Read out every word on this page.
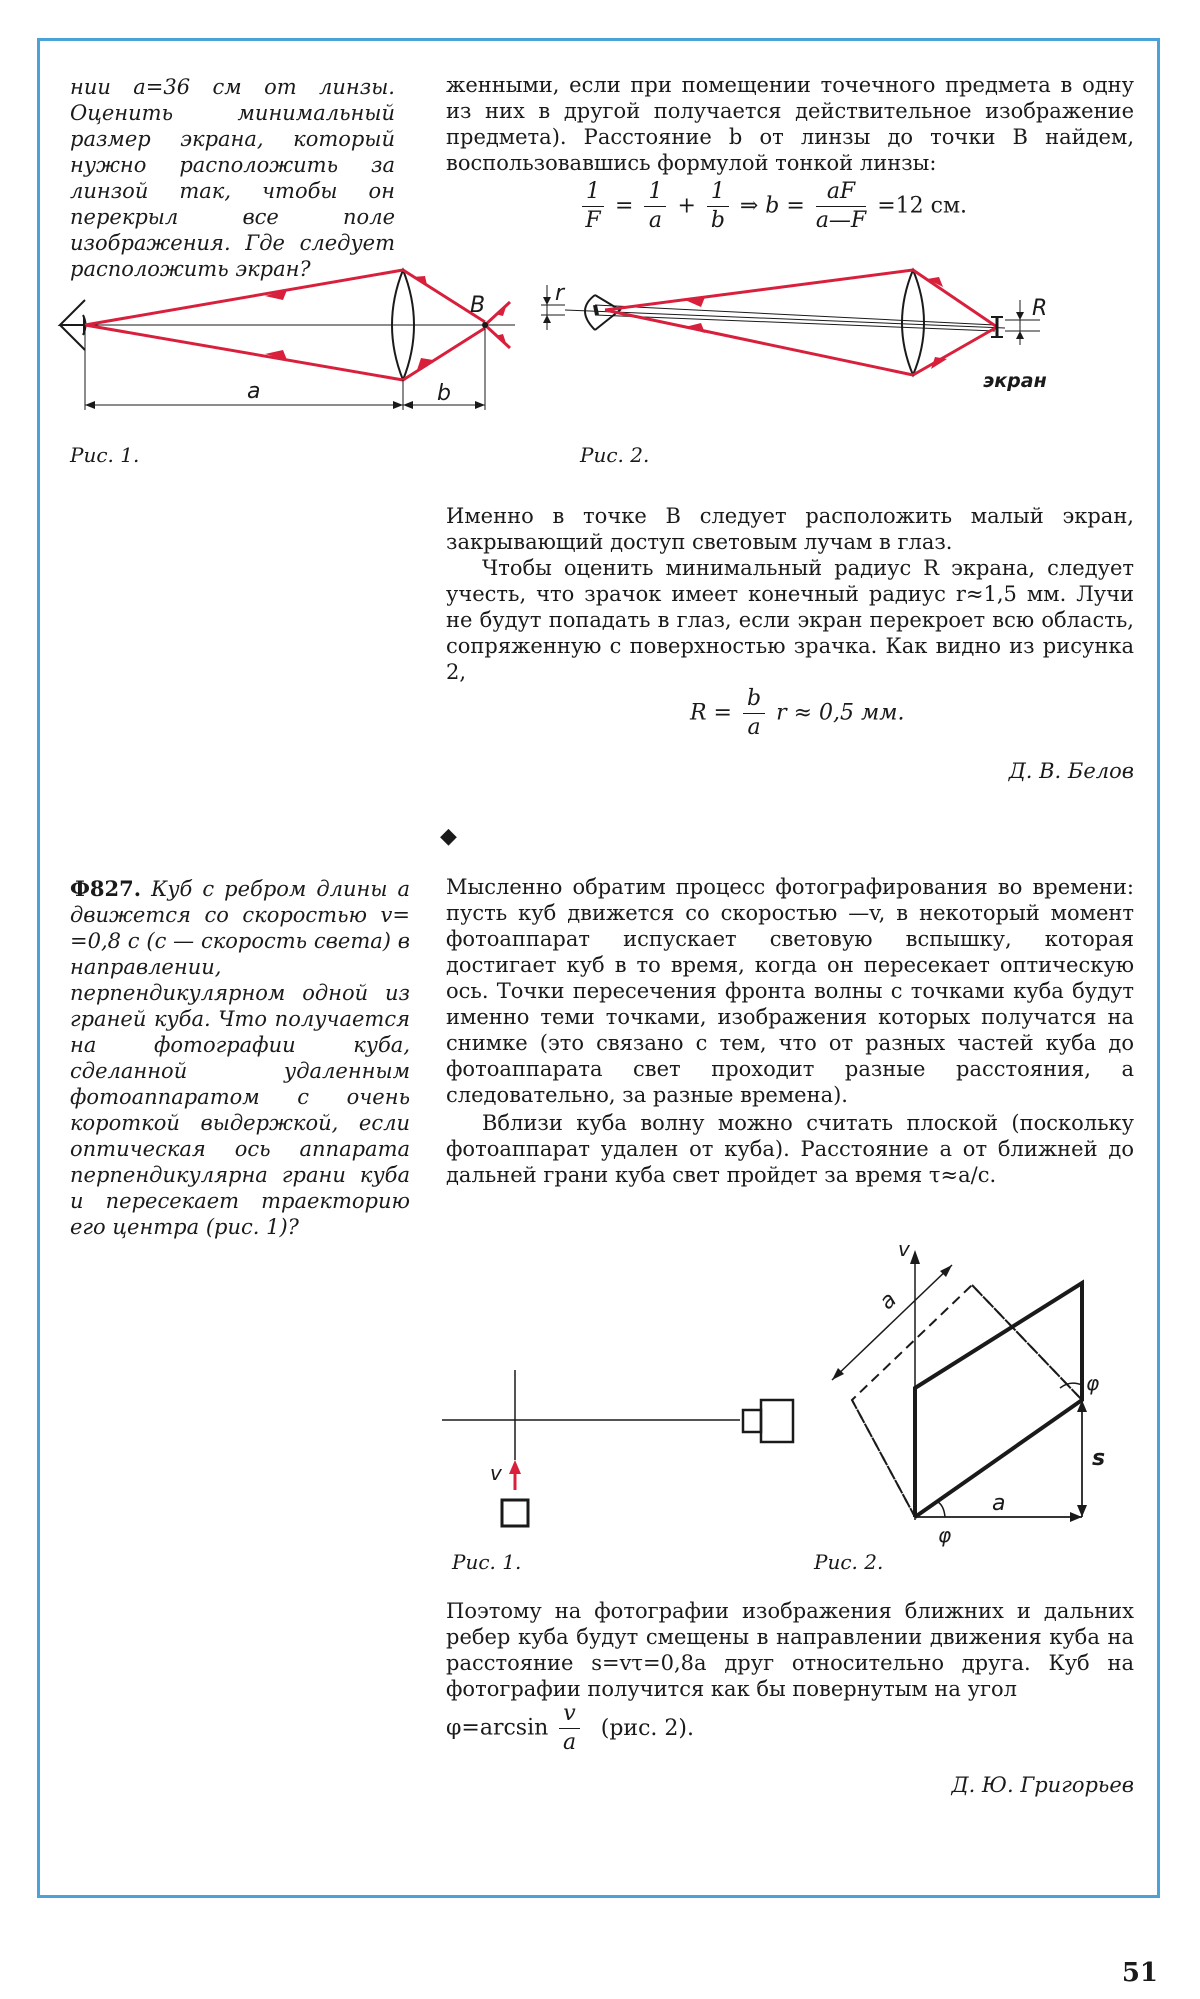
нии a=36 см от линзы. Оценить минимальный размер экрана, который нужно расположить за линзой так, чтобы он перекрыл все поле изображения. Где следует расположить экран?
женными, если при помещении точечного предмета в одну из них в другой получается действительное изображение предмета). Расстояние b от линзы до точки B найдем, воспользовавшись формулой тонкой линзы:
$\frac{1}{F} = \frac{1}{a} + \frac{1}{b}$ ⇒ $b = \frac{aF}{a—F} =12$ см.
B
a	b
Рис. 1.
r
R
экран
Рис. 2.

Именно в точке B следует расположить малый экран, закрывающий доступ световым лучам в глаз.

Чтобы оценить минимальный радиус R экрана, следует учесть, что зрачок имеет конечный радиус r≈1,5 мм. Лучи не будут попадать в глаз, если экран перекроет всю область, сопряженную с поверхностью зрачка. Как видно из рисунка 2,

$R = \frac{b}{a}$ r ≈ 0,5 мм.
Д. В. Белов
◆
Ф827. Куб с ребром длины a движется со скоростью v= =0,8 c (c — скорость света) в направлении, перпендикулярном одной из граней куба. Что получается на фотографии куба, сделанной удаленным фотоаппаратом с очень короткой выдержкой, если оптическая ось аппарата перпендикулярна грани куба и пересекает траекторию его центра (рис. 1)?

Мысленно обратим процесс фотографирования во времени: пусть куб движется со скоростью —v, в некоторый момент фотоаппарат испускает световую вспышку, которая достигает куб в то время, когда он пересекает оптическую ось. Точки пересечения фронта волны с точками куба будут именно теми точками, изображения которых получатся на снимке (это связано с тем, что от разных частей куба до фотоаппарата свет проходит разные расстояния, а следовательно, за разные времена).

Вблизи куба волну можно считать плоской (поскольку фотоаппарат удален от куба). Расстояние a от ближней до дальней грани куба свет пройдет за время τ≈a/c.

v
Рис. 1.
v
a
a
s
φ
φ
Рис. 2.

Поэтому на фотографии изображения ближних и дальних ребер куба будут смещены в направлении движения куба на расстояние s=vτ=0,8a друг относительно друга. Куб на фотографии получится как бы повернутым на угол

$\varphi=\arcsin \frac{v}{a} (рис$. 2).
Д. Ю. Григорьев
51
